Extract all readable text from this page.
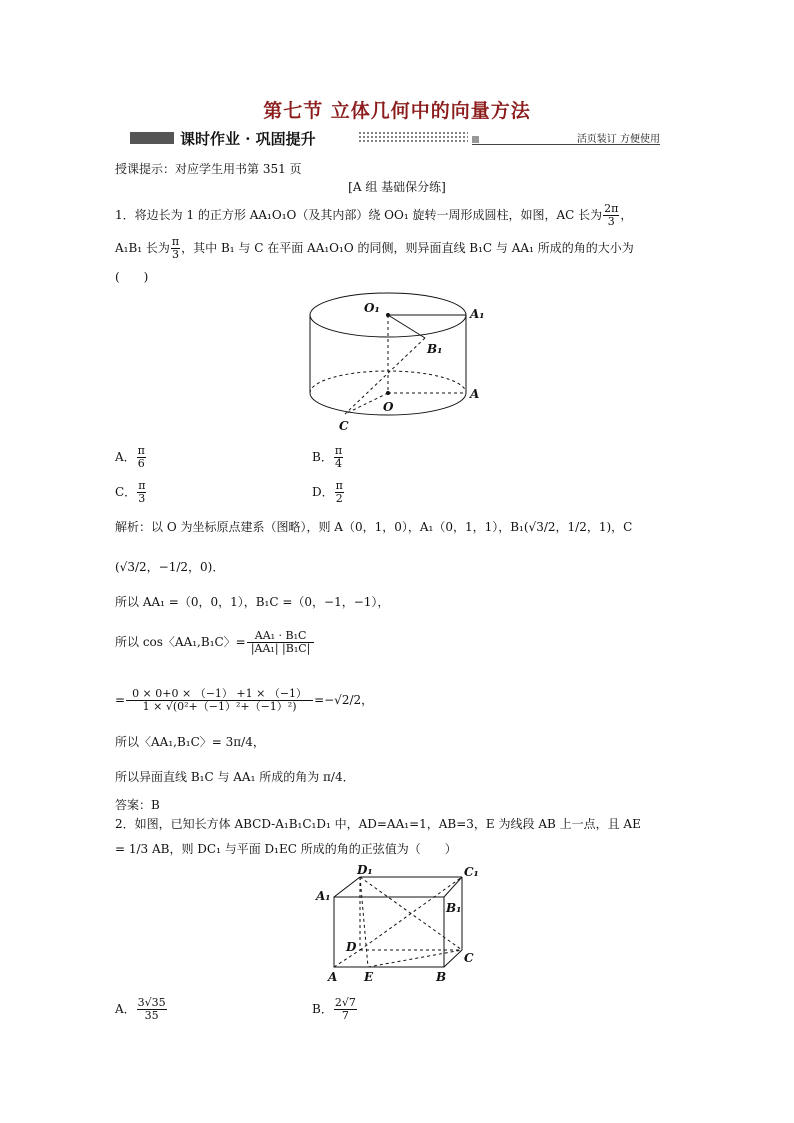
第七节 立体几何中的向量方法
课时作业 · 巩固提升	活页装订 方便使用
授课提示：对应学生用书第 351 页
[A 组 基础保分练]
1．将边长为 1 的正方形 AA₁O₁O（及其内部）绕 OO₁ 旋转一周形成圆柱，如图，AC 长为 $\frac{2\pi}{3}$ ，
A₁B₁ 长为 $\frac{\pi}{3}$ ，其中 B₁ 与 C 在平面 AA₁O₁O 的同侧，则异面直线 B₁C 与 AA₁ 所成的角的大小为
(　　)
O₁	A₁
B₁
O
A
C
A． $\frac{\pi}{6}$	B． $\frac{\pi}{4}$
C． $\frac{\pi}{3}$	D． $\frac{\pi}{2}$
解析：以 O 为坐标原点建系（图略），则 A（0，1，0），A₁（0，1，1），B₁(√3/2，1/2，1)，C
(√3/2，−1/2，0)．
所以 AA₁ =（0，0，1），B₁C =（0，−1，−1），
所以 cos〈AA₁,B₁C〉= $\frac{\text{AA₁ · B₁C}}{\text{|AA₁| |B₁C|}}$
= $\frac{0 \times 0+0 \times (-1) +1 \times (-1)}{\text{1 × √(0²+（−1）²+（−1）²)}} =-√2/2$，
所以〈AA₁,B₁C〉= 3π/4，
所以异面直线 B₁C 与 AA₁ 所成的角为 π/4．
答案：B
2．如图，已知长方体 ABCD-A₁B₁C₁D₁ 中，AD=AA₁=1，AB=3，E 为线段 AB 上一点，且 AE
= 1/3 AB，则 DC₁ 与平面 D₁EC 所成的角的正弦值为（　　）
D₁	C₁
A₁
B₁
D
C
A E	B
A． $\frac{3√35}{35}$	B． $\frac{2√7}{7}$
